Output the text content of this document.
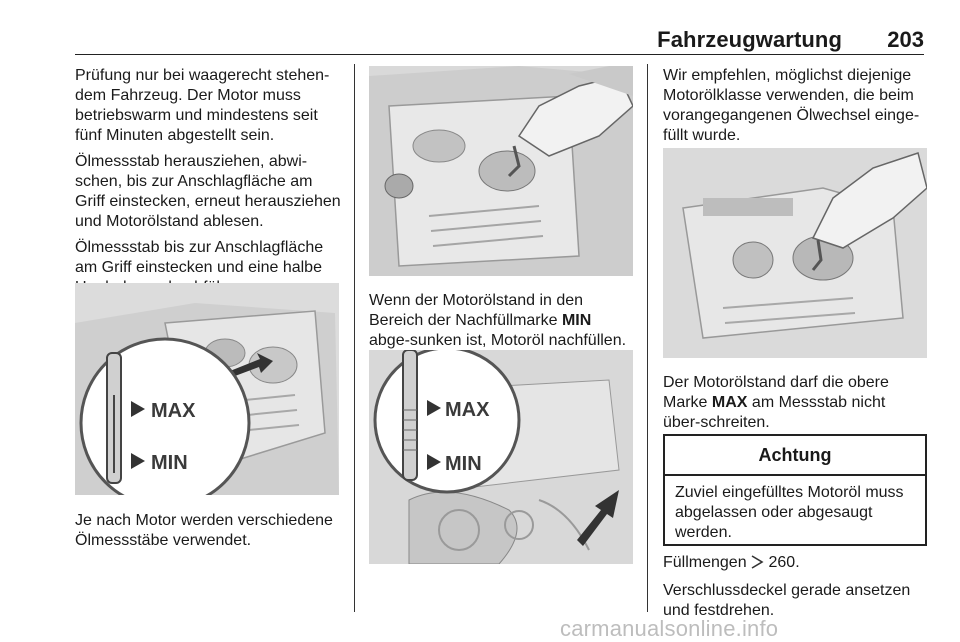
Fahrzeugwartung 203

Prüfung nur bei waagerecht stehen-dem Fahrzeug. Der Motor muss betriebswarm und mindestens seit fünf Minuten abgestellt sein.

Ölmessstab herausziehen, abwi-schen, bis zur Anschlagfläche am Griff einstecken, erneut herausziehen und Motorölstand ablesen.

Ölmessstab bis zur Anschlagfläche am Griff einstecken und eine halbe

MAX
MIN

Je nach Motor werden verschiedene Ölmessstäbe verwendet.

Wenn der Motorölstand in den Bereich der Nachfüllmarke MIN abge-sunken ist, Motoröl nachfüllen.

MAX
MIN

Wir empfehlen, möglichst diejenige Motorölklasse verwenden, die beim vorangegangenen Ölwechsel einge-füllt wurde.

Der Motorölstand darf die obere Marke MAX am Messstab nicht über-schreiten.

Achtung
Zuviel eingefülltes Motoröl muss abgelassen oder abgesaugt werden.

Füllmengen  260.

Verschlussdeckel gerade ansetzen und festdrehen.

carmanualsonline.info
